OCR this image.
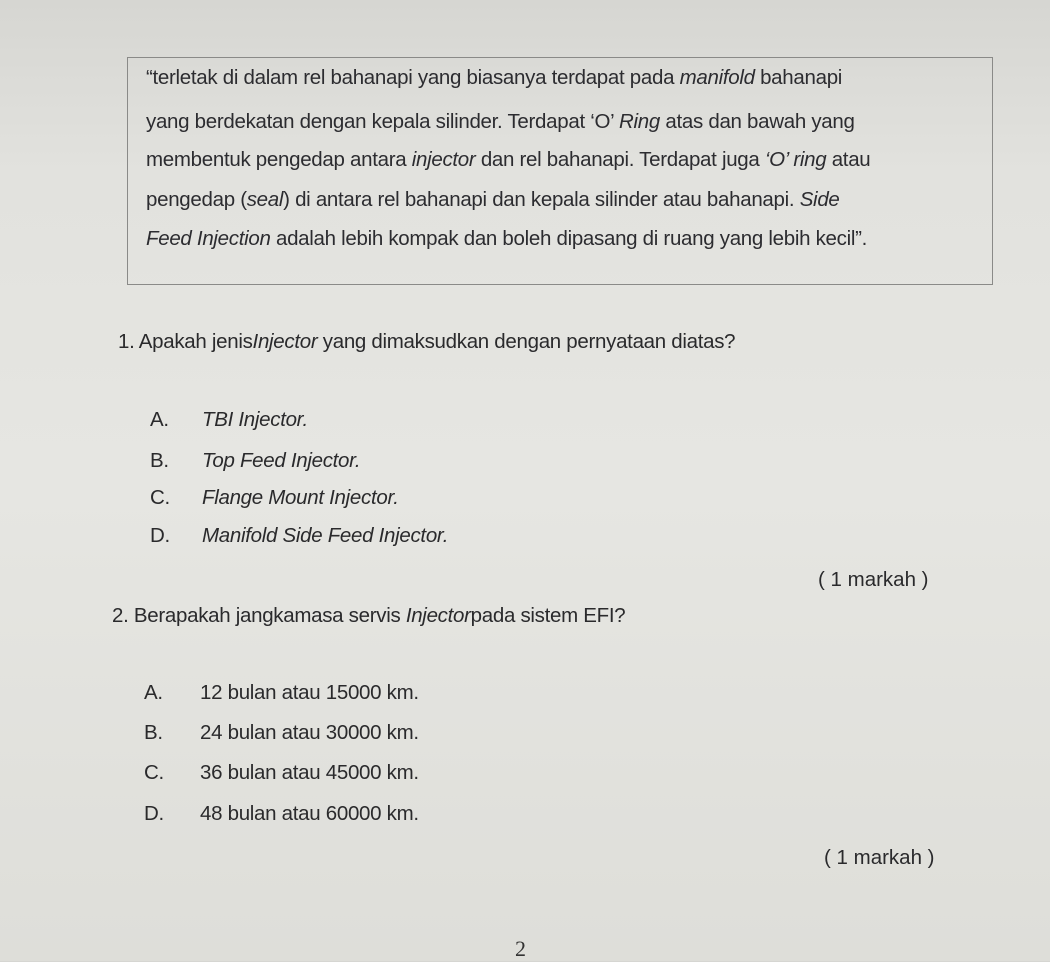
“terletak di dalam rel bahanapi yang biasanya terdapat pada manifold bahanapi
yang berdekatan dengan kepala silinder. Terdapat ‘O’ Ring atas dan bawah yang
membentuk pengedap antara injector dan rel bahanapi. Terdapat juga ‘O’ ring atau
pengedap (seal) di antara rel bahanapi dan kepala silinder atau bahanapi. Side
Feed Injection adalah lebih kompak dan boleh dipasang di ruang yang lebih kecil”.
1. Apakah jenisInjector yang dimaksudkan dengan pernyataan diatas?
A. TBI Injector.
B. Top Feed Injector.
C. Flange Mount Injector.
D. Manifold Side Feed Injector.
( 1 markah )
2. Berapakah jangkamasa servis Injectorpada sistem EFI?
A. 12 bulan atau 15000 km.
B. 24 bulan atau 30000 km.
C. 36 bulan atau 45000 km.
D. 48 bulan atau 60000 km.
( 1 markah )
2
